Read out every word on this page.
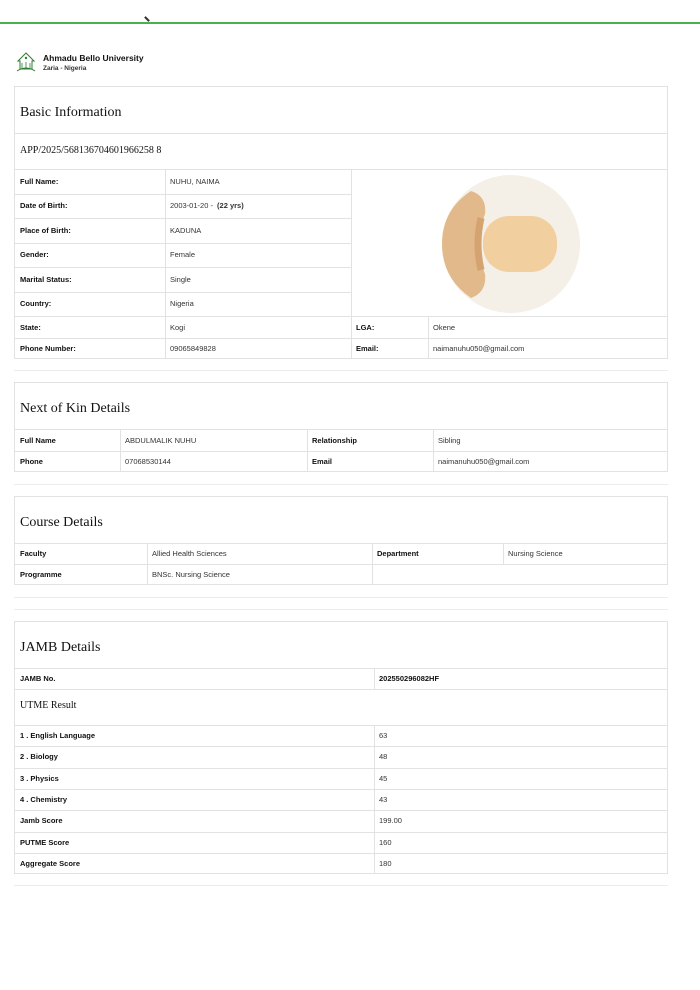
Ahmadu Bello University
Zaria - Nigeria
Basic Information
APP/2025/568136704601966258 8
Full Name:	NUHU, NAIMA
Date of Birth:	2003-01-20 - (22 yrs)
Place of Birth:	KADUNA
Gender:	Female
Marital Status:	Single
Country:	Nigeria
State:	Kogi	LGA:	Okene
Phone Number:	09065849828	Email:	naimanuhu050@gmail.com
Next of Kin Details
Full Name	ABDULMALIK NUHU	Relationship	Sibling
Phone	07068530144	Email	naimanuhu050@gmail.com
Course Details
Faculty	Allied Health Sciences	Department	Nursing Science
Programme	BNSc. Nursing Science
JAMB Details
JAMB No.	202550296082HF
UTME Result
1 . English Language	63
2 . Biology	48
3 . Physics	45
4 . Chemistry	43
Jamb Score	199.00
PUTME Score	160
Aggregate Score	180
